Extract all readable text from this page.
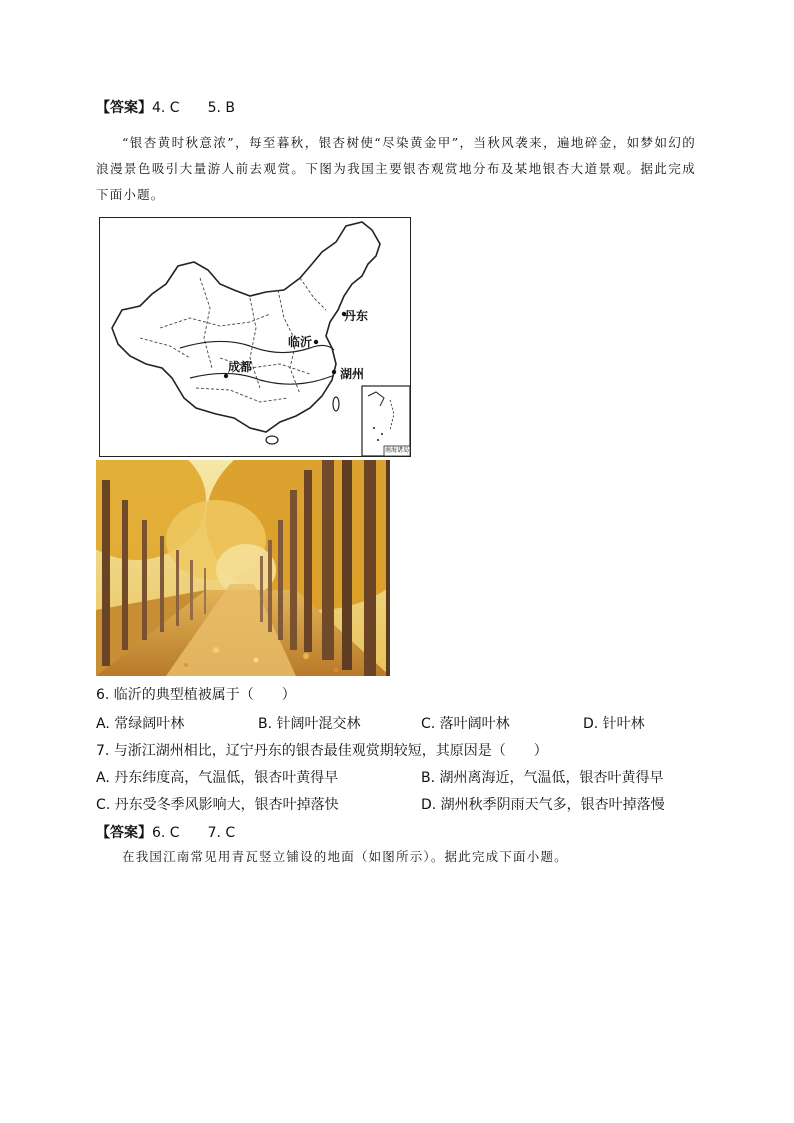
【答案】4. C 5. B
“银杏黄时秋意浓”，每至暮秋，银杏树使“尽染黄金甲”，当秋风袭来，遍地碎金，如梦如幻的浪漫景色吸引大量游人前去观赏。下图为我国主要银杏观赏地分布及某地银杏大道景观。据此完成下面小题。
丹东
临沂
成都	湖州
南海诸岛
6. 临沂的典型植被属于（　　）
A. 常绿阔叶林	B. 针阔叶混交林	C. 落叶阔叶林	D. 针叶林
7. 与浙江湖州相比，辽宁丹东的银杏最佳观赏期较短，其原因是（　　）
A. 丹东纬度高，气温低，银杏叶黄得早	B. 湖州离海近，气温低，银杏叶黄得早
C. 丹东受冬季风影响大，银杏叶掉落快	D. 湖州秋季阴雨天气多，银杏叶掉落慢
【答案】6. C 7. C
在我国江南常见用青瓦竖立铺设的地面（如图所示）。据此完成下面小题。
